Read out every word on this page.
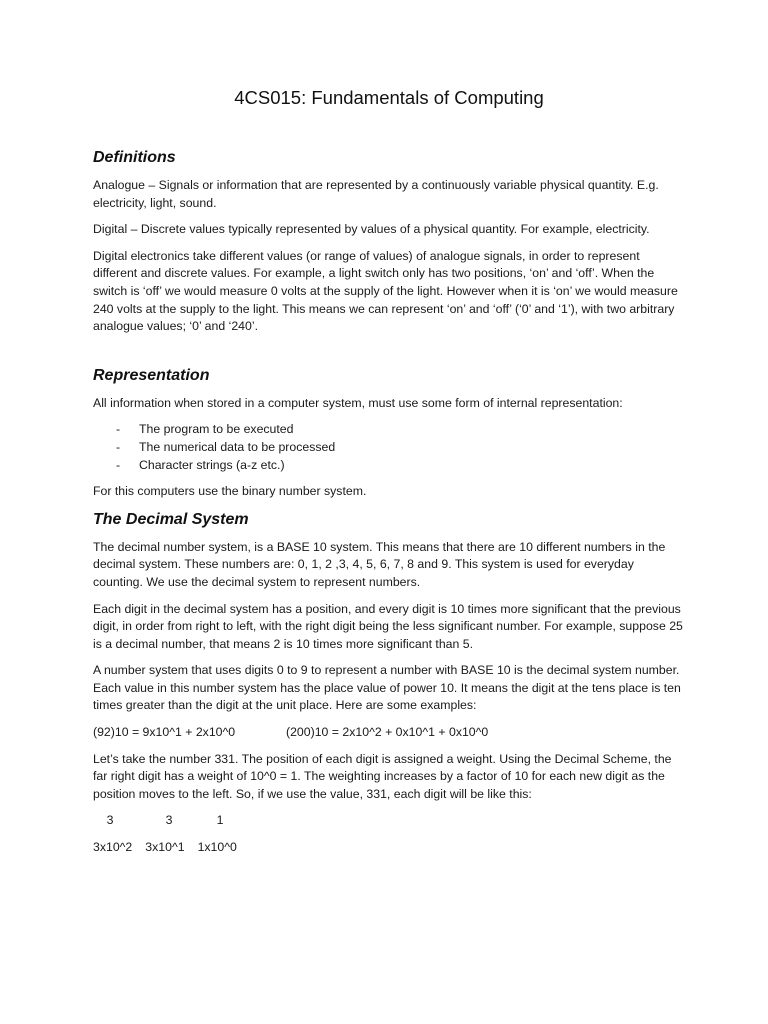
4CS015: Fundamentals of Computing
Definitions

Analogue – Signals or information that are represented by a continuously variable physical quantity. E.g. electricity, light, sound.

Digital – Discrete values typically represented by values of a physical quantity. For example, electricity.

Digital electronics take different values (or range of values) of analogue signals, in order to represent different and discrete values. For example, a light switch only has two positions, ‘on’ and ‘off’. When the switch is ‘off’ we would measure 0 volts at the supply of the light. However when it is ‘on’ we would measure 240 volts at the supply to the light. This means we can represent ‘on’ and ‘off’ (‘0’ and ‘1’), with two arbitrary analogue values; ‘0’ and ‘240’.

Representation

All information when stored in a computer system, must use some form of internal representation:

- The program to be executed
- The numerical data to be processed
- Character strings (a-z etc.)

For this computers use the binary number system.

The Decimal System

The decimal number system, is a BASE 10 system. This means that there are 10 different numbers in the decimal system. These numbers are: 0, 1, 2 ,3, 4, 5, 6, 7, 8 and 9. This system is used for everyday counting. We use the decimal system to represent numbers.

Each digit in the decimal system has a position, and every digit is 10 times more significant that the previous digit, in order from right to left, with the right digit being the less significant number. For example, suppose 25 is a decimal number, that means 2 is 10 times more significant than 5.

A number system that uses digits 0 to 9 to represent a number with BASE 10 is the decimal system number. Each value in this number system has the place value of power 10. It means the digit at the tens place is ten times greater than the digit at the unit place. Here are some examples:

(92)10 = 9x10^1 + 2x10^0	(200)10 = 2x10^2 + 0x10^1 + 0x10^0

Let’s take the number 331. The position of each digit is assigned a weight. Using the Decimal Scheme, the far right digit has a weight of 10^0 = 1. The weighting increases by a factor of 10 for each new digit as the position moves to the left. So, if we use the value, 331, each digit will be like this:

3	3	1
3x10^2 3x10^1 1x10^0
